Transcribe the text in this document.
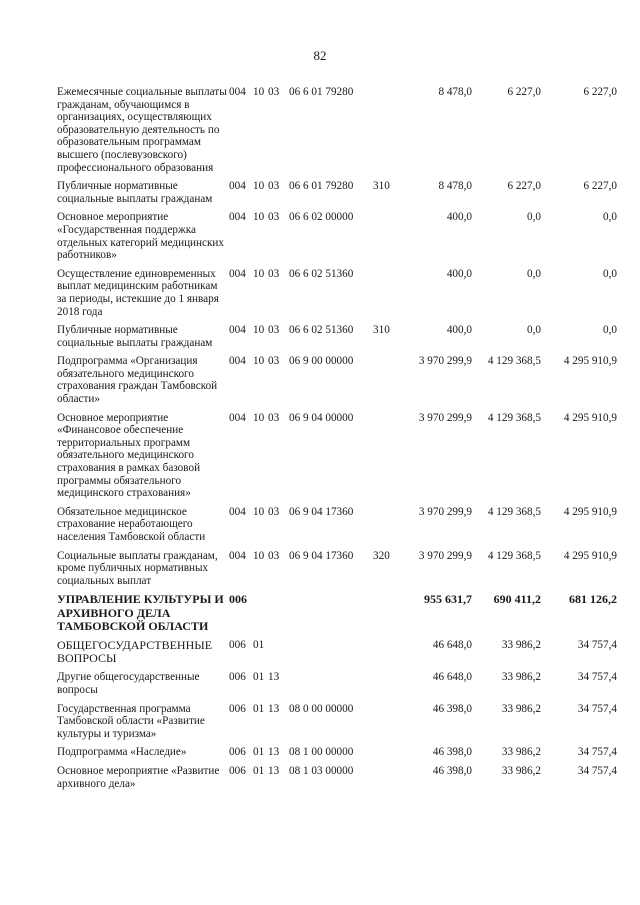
82
Ежемесячные социальные выплаты гражданам, обучающимся в организациях, осуществляющих образовательную деятельность по образовательным программам высшего (послевузовского) профессионального образования	004	10	03	06 6 01 79280		8 478,0	6 227,0	6 227,0
Публичные нормативные социальные выплаты гражданам	004	10	03	06 6 01 79280	310	8 478,0	6 227,0	6 227,0
Основное мероприятие «Государственная поддержка отдельных категорий медицинских работников»	004	10	03	06 6 02 00000		400,0	0,0	0,0
Осуществление единовременных выплат медицинским работникам за периоды, истекшие до 1 января 2018 года	004	10	03	06 6 02 51360		400,0	0,0	0,0
Публичные нормативные социальные выплаты гражданам	004	10	03	06 6 02 51360	310	400,0	0,0	0,0
Подпрограмма «Организация обязательного медицинского страхования граждан Тамбовской области»	004	10	03	06 9 00 00000		3 970 299,9	4 129 368,5	4 295 910,9
Основное мероприятие «Финансовое обеспечение территориальных программ обязательного медицинского страхования в рамках базовой программы обязательного медицинского страхования»	004	10	03	06 9 04 00000		3 970 299,9	4 129 368,5	4 295 910,9
Обязательное медицинское страхование неработающего населения Тамбовской области	004	10	03	06 9 04 17360		3 970 299,9	4 129 368,5	4 295 910,9
Социальные выплаты гражданам, кроме публичных нормативных социальных выплат	004	10	03	06 9 04 17360	320	3 970 299,9	4 129 368,5	4 295 910,9
УПРАВЛЕНИЕ КУЛЬТУРЫ И АРХИВНОГО ДЕЛА ТАМБОВСКОЙ ОБЛАСТИ	006					955 631,7	690 411,2	681 126,2
ОБЩЕГОСУДАРСТВЕННЫЕ ВОПРОСЫ	006	01				46 648,0	33 986,2	34 757,4
Другие общегосударственные вопросы	006	01	13			46 648,0	33 986,2	34 757,4
Государственная программа Тамбовской области «Развитие культуры и туризма»	006	01	13	08 0 00 00000		46 398,0	33 986,2	34 757,4
Подпрограмма «Наследие»	006	01	13	08 1 00 00000		46 398,0	33 986,2	34 757,4
Основное мероприятие «Развитие архивного дела»	006	01	13	08 1 03 00000		46 398,0	33 986,2	34 757,4
